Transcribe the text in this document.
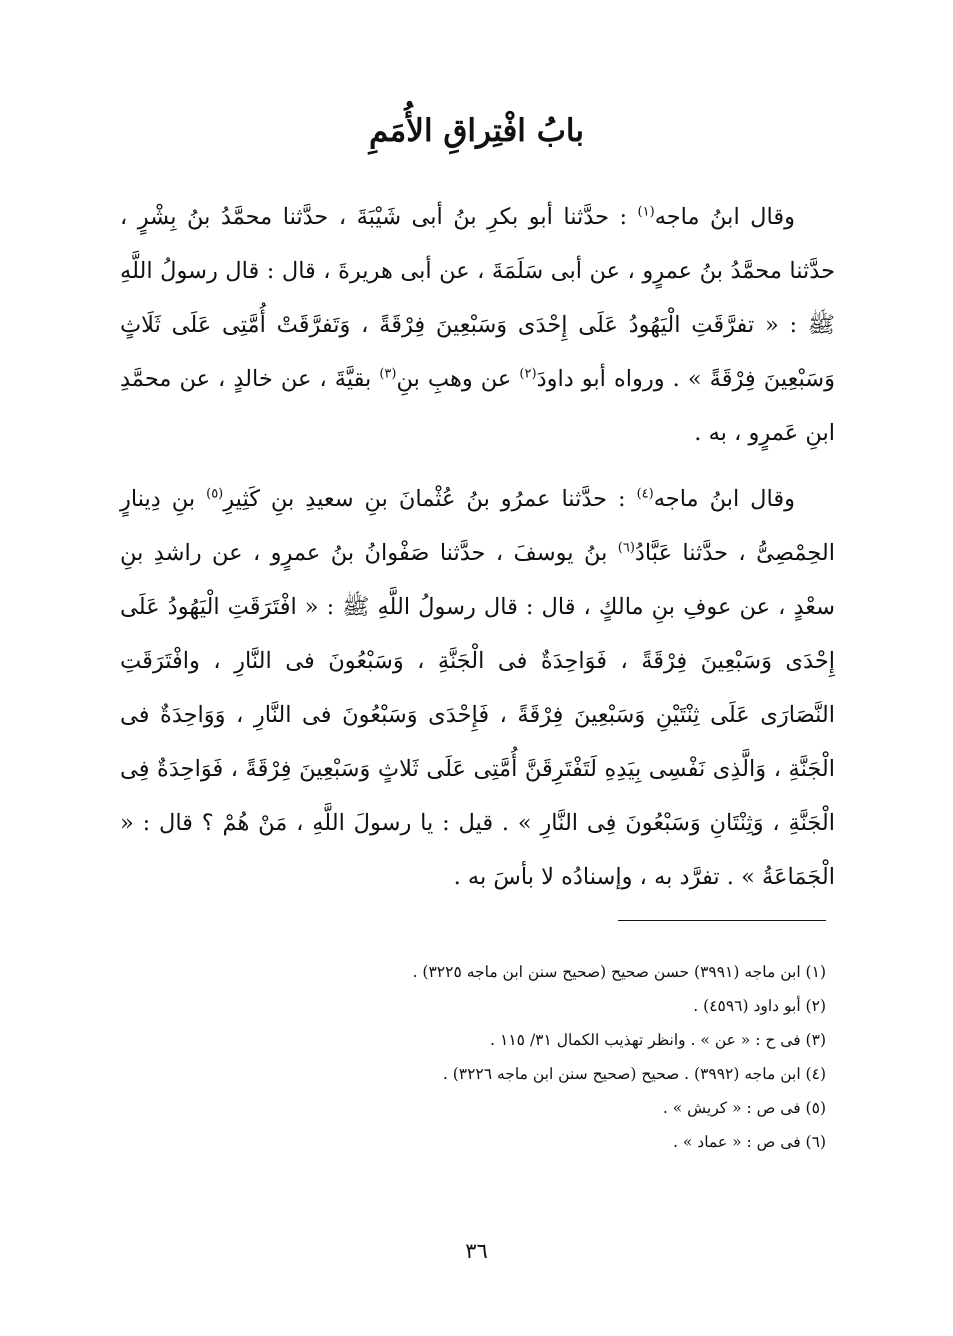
بابُ افْتِراقِ الأُمَمِ

وقال ابنُ ماجه$^{(١)}$ : حدَّثنا أبو بكرِ بنُ أبى شَيْبَةَ ، حدَّثنا محمَّدُ بنُ بِشْرٍ ، حدَّثنا محمَّدُ بنُ عمرٍو ، عن أبى سَلَمَةَ ، عن أبى هريرةَ ، قال : قال رسولُ اللَّهِ ﷺ : « تفرَّقَتِ الْيَهُودُ عَلَى إِحْدَى وَسَبْعِينَ فِرْقَةً ، وَتَفرَّقَتْ أُمَّتِى عَلَى ثَلَاثٍ وَسَبْعِينَ فِرْقَةً » . ورواه أبو داودَ$^{(٢)}$ عن وهبِ بنِ$^{(٣)}$ بقيَّةَ ، عن خالدٍ ، عن محمَّدِ ابنِ عَمرٍو ، به .

وقال ابنُ ماجه$^{(٤)}$ : حدَّثنا عمرُو بنُ عُثْمانَ بنِ سعيدِ بنِ كَثِيرِ$^{(٥)}$ بنِ دِينارٍ الحِمْصِىُّ ، حدَّثنا عَبَّادُ$^{(٦)}$ بنُ يوسفَ ، حدَّثنا صَفْوانُ بنُ عمرٍو ، عن راشدِ بنِ سعْدٍ ، عن عوفِ بنِ مالكٍ ، قال : قال رسولُ اللَّهِ ﷺ : « افْتَرَقَتِ الْيَهُودُ عَلَى إِحْدَى وَسَبْعِينَ فِرْقَةً ، فَوَاحِدَةٌ فى الْجَنَّةِ ، وَسَبْعُونَ فى النَّارِ ، وافْتَرَقَتِ النَّصَارَى عَلَى ثِنْتَيْنِ وَسَبْعِينَ فِرْقَةً ، فَإِحْدَى وَسَبْعُونَ فى النَّارِ ، وَوَاحِدَةٌ فى الْجَنَّةِ ، وَالَّذِى نَفْسِى بِيَدِهِ لَتَفْتَرِقَنَّ أُمَّتِى عَلَى ثَلاثٍ وَسَبْعِينَ فِرْقَةً ، فَوَاحِدَةٌ فِى الْجَنَّةِ ، وَثِنْتَانِ وَسَبْعُونَ فِى النَّارِ » . قيل : يا رسولَ اللَّهِ ، مَنْ هُمْ ؟ قال : « الْجَمَاعَةُ » . تفرَّد به ، وإسنادُه لا بأسَ به .

(١) ابن ماجه (٣٩٩١) حسن صحيح (صحيح سنن ابن ماجه ٣٢٢٥) .

(٢) أبو داود (٤٥٩٦) .

(٣) فى ح : « عن » . وانظر تهذيب الكمال ٣١/ ١١٥ .

(٤) ابن ماجه (٣٩٩٢) . صحيح (صحيح سنن ابن ماجه ٣٢٢٦) .

(٥) فى ص : « كريش » .

(٦) فى ص : « عماد » .

٣٦
